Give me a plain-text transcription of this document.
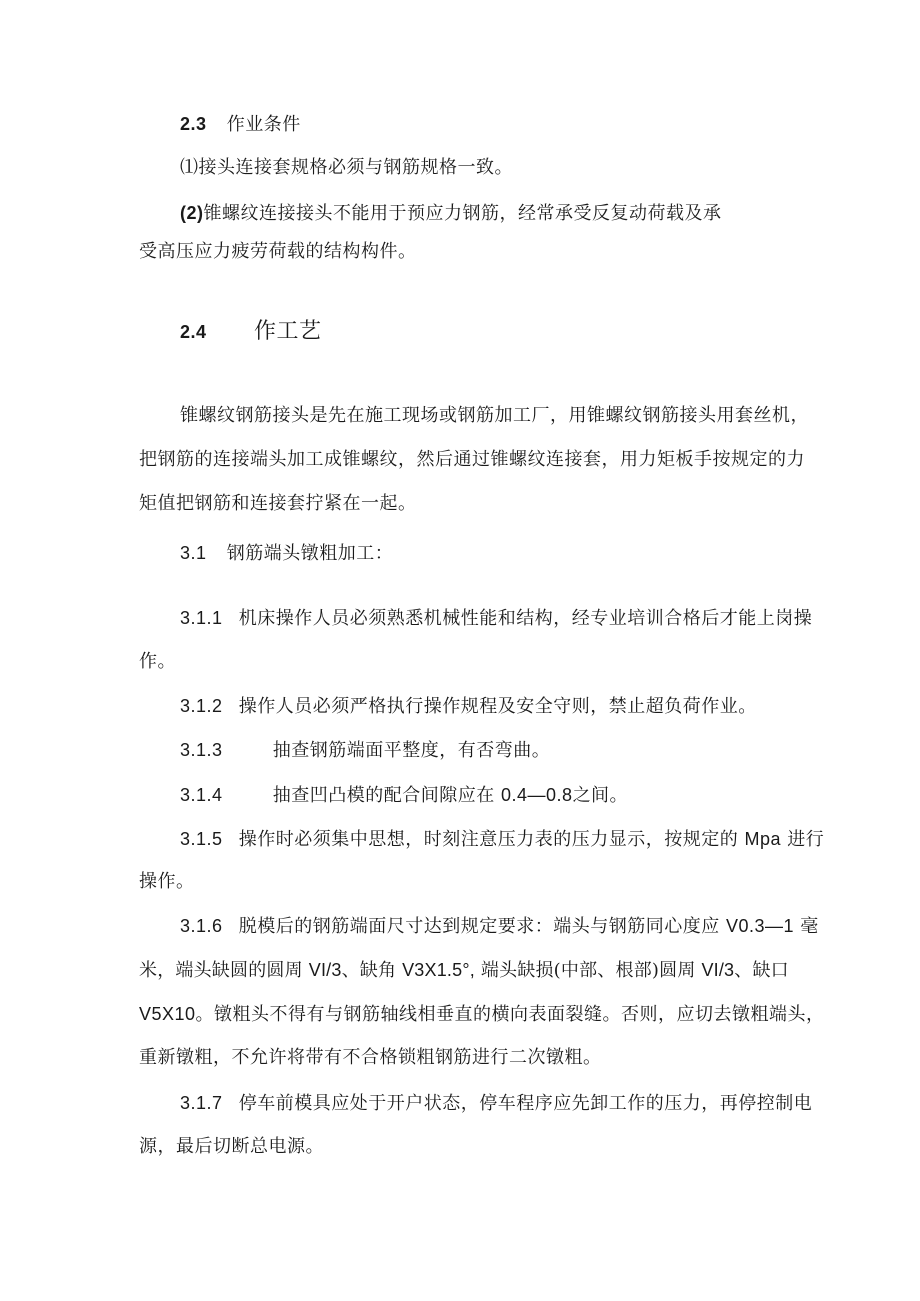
2.3 作业条件
⑴接头连接套规格必须与钢筋规格一致。
(2)锥螺纹连接接头不能用于预应力钢筋，经常承受反复动荷载及承
受高压应力疲劳荷载的结构构件。
2.4 作工艺
锥螺纹钢筋接头是先在施工现场或钢筋加工厂，用锥螺纹钢筋接头用套丝机，
把钢筋的连接端头加工成锥螺纹，然后通过锥螺纹连接套，用力矩板手按规定的力
矩值把钢筋和连接套拧紧在一起。
3.1 钢筋端头镦粗加工：
3.1.1 机床操作人员必须熟悉机械性能和结构，经专业培训合格后才能上岗操
作。
3.1.2 操作人员必须严格执行操作规程及安全守则，禁止超负荷作业。
3.1.3	抽查钢筋端面平整度，有否弯曲。
3.1.4	抽查凹凸模的配合间隙应在 0.4—0.8之间。
3.1.5 操作时必须集中思想，时刻注意压力表的压力显示，按规定的 Mpa 进行
操作。
3.1.6 脱模后的钢筋端面尺寸达到规定要求：端头与钢筋同心度应 V0.3—1 毫
米，端头缺圆的圆周 VI/3、缺角 V3X1.5°, 端头缺损(中部、根部)圆周 VI/3、缺口
V5X10。镦粗头不得有与钢筋轴线相垂直的横向表面裂缝。否则，应切去镦粗端头，
重新镦粗，不允许将带有不合格锁粗钢筋进行二次镦粗。
3.1.7 停车前模具应处于开户状态，停车程序应先卸工作的压力，再停控制电
源，最后切断总电源。
